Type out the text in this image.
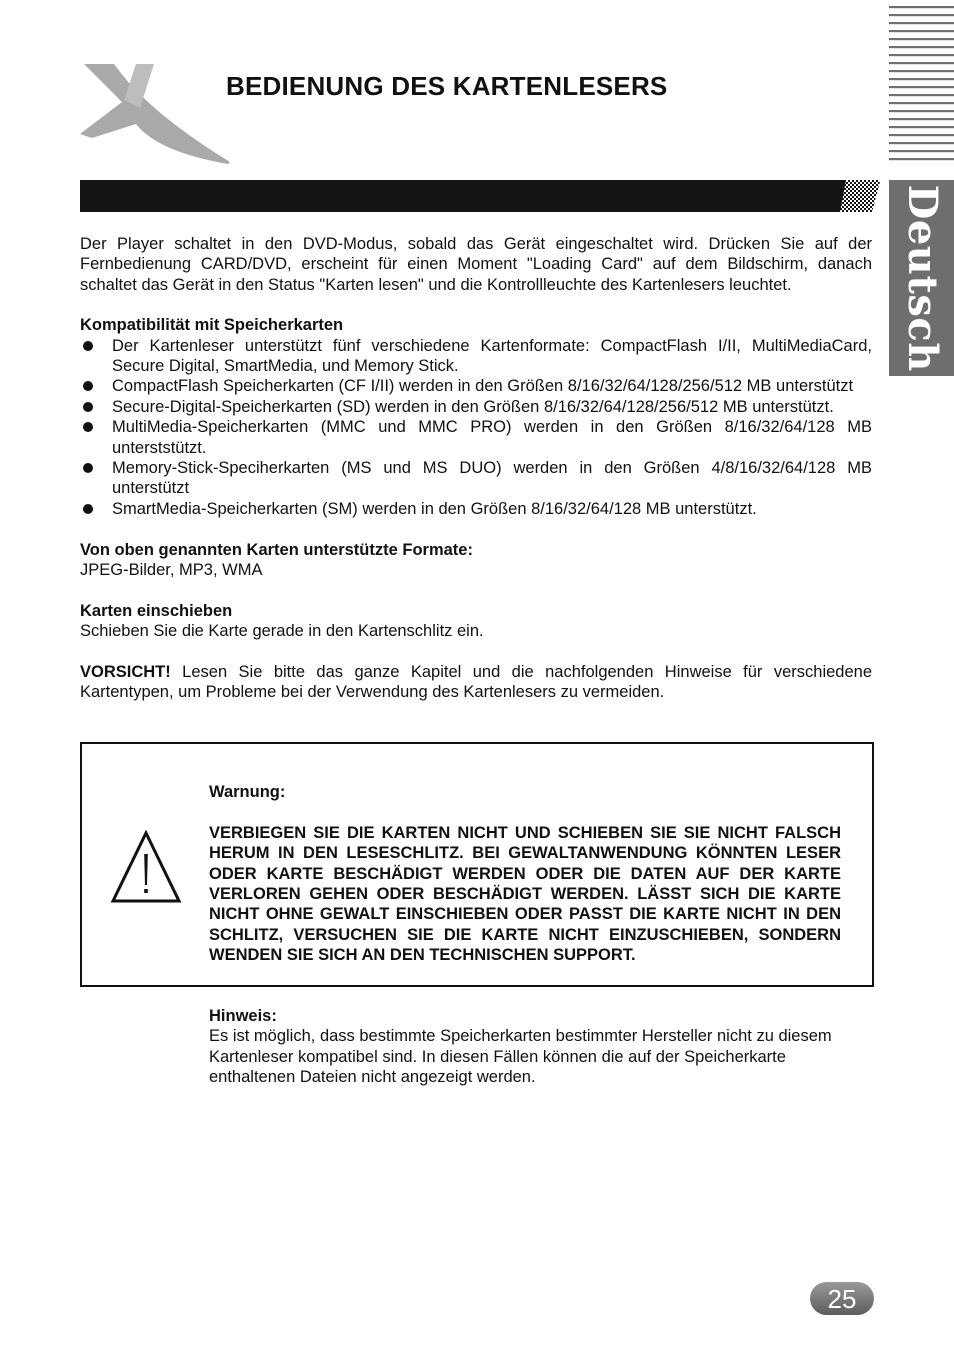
BEDIENUNG DES KARTENLESERS
Deutsch

Der Player schaltet in den DVD-Modus, sobald das Gerät eingeschaltet wird. Drücken Sie auf der Fernbedienung CARD/DVD, erscheint für einen Moment "Loading Card" auf dem Bildschirm, danach schaltet das Gerät in den Status "Karten lesen" und die Kontrollleuchte des Kartenlesers leuchtet.

Kompatibilität mit Speicherkarten

Der Kartenleser unterstützt fünf verschiedene Kartenformate: CompactFlash I/II, MultiMediaCard, Secure Digital, SmartMedia, und Memory Stick.
CompactFlash Speicherkarten (CF I/II) werden in den Größen 8/16/32/64/128/256/512 MB unterstützt
Secure-Digital-Speicherkarten (SD) werden in den Größen 8/16/32/64/128/256/512 MB unterstützt.
MultiMedia-Speicherkarten (MMC und MMC PRO) werden in den Größen 8/16/32/64/128 MB unterststützt.
Memory-Stick-Speciherkarten (MS und MS DUO) werden in den Größen 4/8/16/32/64/128 MB unterstützt
SmartMedia-Speicherkarten (SM) werden in den Größen 8/16/32/64/128 MB unterstützt.

Von oben genannten Karten unterstützte Formate:

JPEG-Bilder, MP3, WMA

Karten einschieben

Schieben Sie die Karte gerade in den Kartenschlitz ein.

VORSICHT! Lesen Sie bitte das ganze Kapitel und die nachfolgenden Hinweise für verschiedene Kartentypen, um Probleme bei der Verwendung des Kartenlesers zu vermeiden.

Warnung:

VERBIEGEN SIE DIE KARTEN NICHT UND SCHIEBEN SIE SIE NICHT FALSCH HERUM IN DEN LESESCHLITZ. BEI GEWALTANWENDUNG KÖNNTEN LESER ODER KARTE BESCHÄDIGT WERDEN ODER DIE DATEN AUF DER KARTE VERLOREN GEHEN ODER BESCHÄDIGT WERDEN. LÄSST SICH DIE KARTE NICHT OHNE GEWALT EINSCHIEBEN ODER PASST DIE KARTE NICHT IN DEN SCHLITZ, VERSUCHEN SIE DIE KARTE NICHT EINZUSCHIEBEN, SONDERN WENDEN SIE SICH AN DEN TECHNISCHEN SUPPORT.

Hinweis:

Es ist möglich, dass bestimmte Speicherkarten bestimmter Hersteller nicht zu diesem Kartenleser kompatibel sind. In diesen Fällen können die auf der Speicherkarte enthaltenen Dateien nicht angezeigt werden.

25
